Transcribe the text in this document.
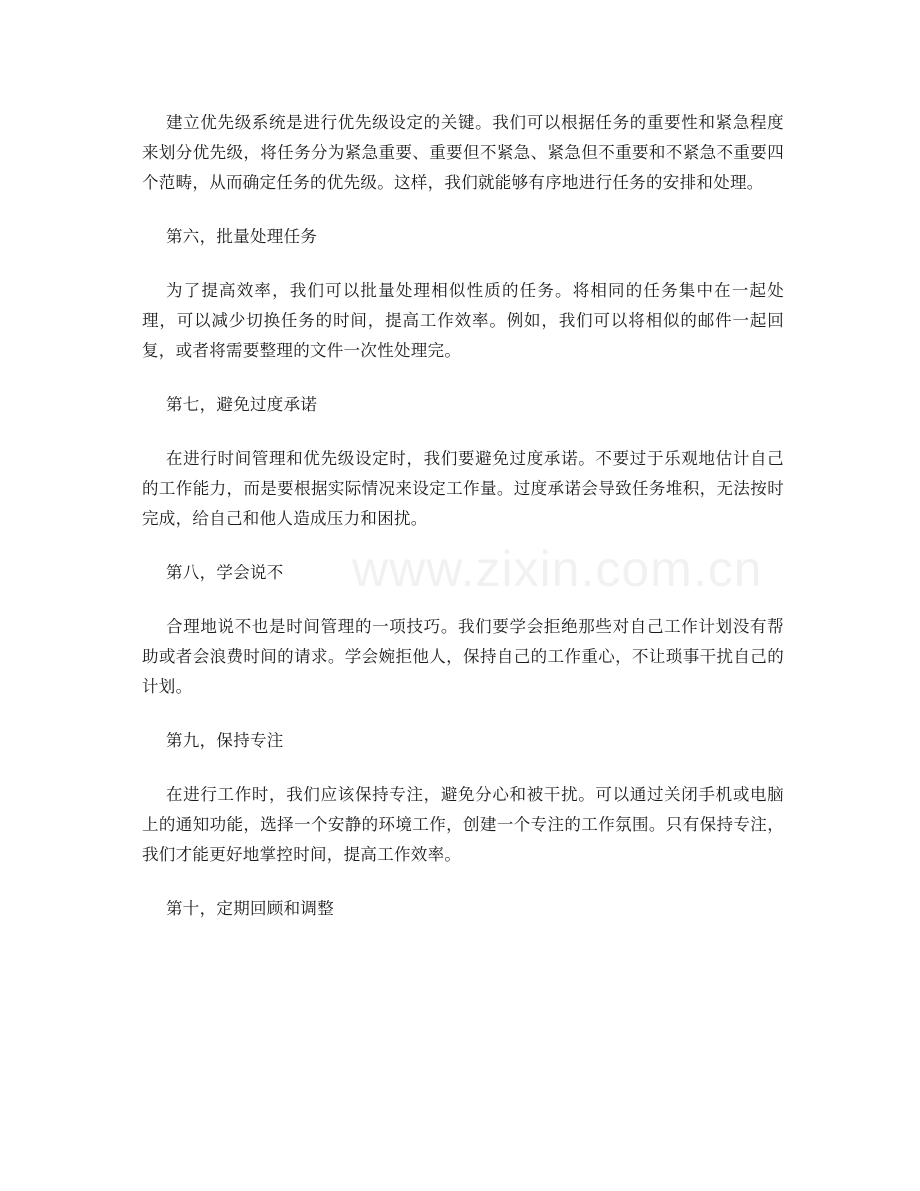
www.zixin.com.cn

建立优先级系统是进行优先级设定的关键。我们可以根据任务的重要性和紧急程度来划分优先级，将任务分为紧急重要、重要但不紧急、紧急但不重要和不紧急不重要四个范畴，从而确定任务的优先级。这样，我们就能够有序地进行任务的安排和处理。

第六，批量处理任务

为了提高效率，我们可以批量处理相似性质的任务。将相同的任务集中在一起处理，可以减少切换任务的时间，提高工作效率。例如，我们可以将相似的邮件一起回复，或者将需要整理的文件一次性处理完。

第七，避免过度承诺

在进行时间管理和优先级设定时，我们要避免过度承诺。不要过于乐观地估计自己的工作能力，而是要根据实际情况来设定工作量。过度承诺会导致任务堆积，无法按时完成，给自己和他人造成压力和困扰。

第八，学会说不

合理地说不也是时间管理的一项技巧。我们要学会拒绝那些对自己工作计划没有帮助或者会浪费时间的请求。学会婉拒他人，保持自己的工作重心，不让琐事干扰自己的计划。

第九，保持专注

在进行工作时，我们应该保持专注，避免分心和被干扰。可以通过关闭手机或电脑上的通知功能，选择一个安静的环境工作，创建一个专注的工作氛围。只有保持专注，我们才能更好地掌控时间，提高工作效率。

第十，定期回顾和调整
